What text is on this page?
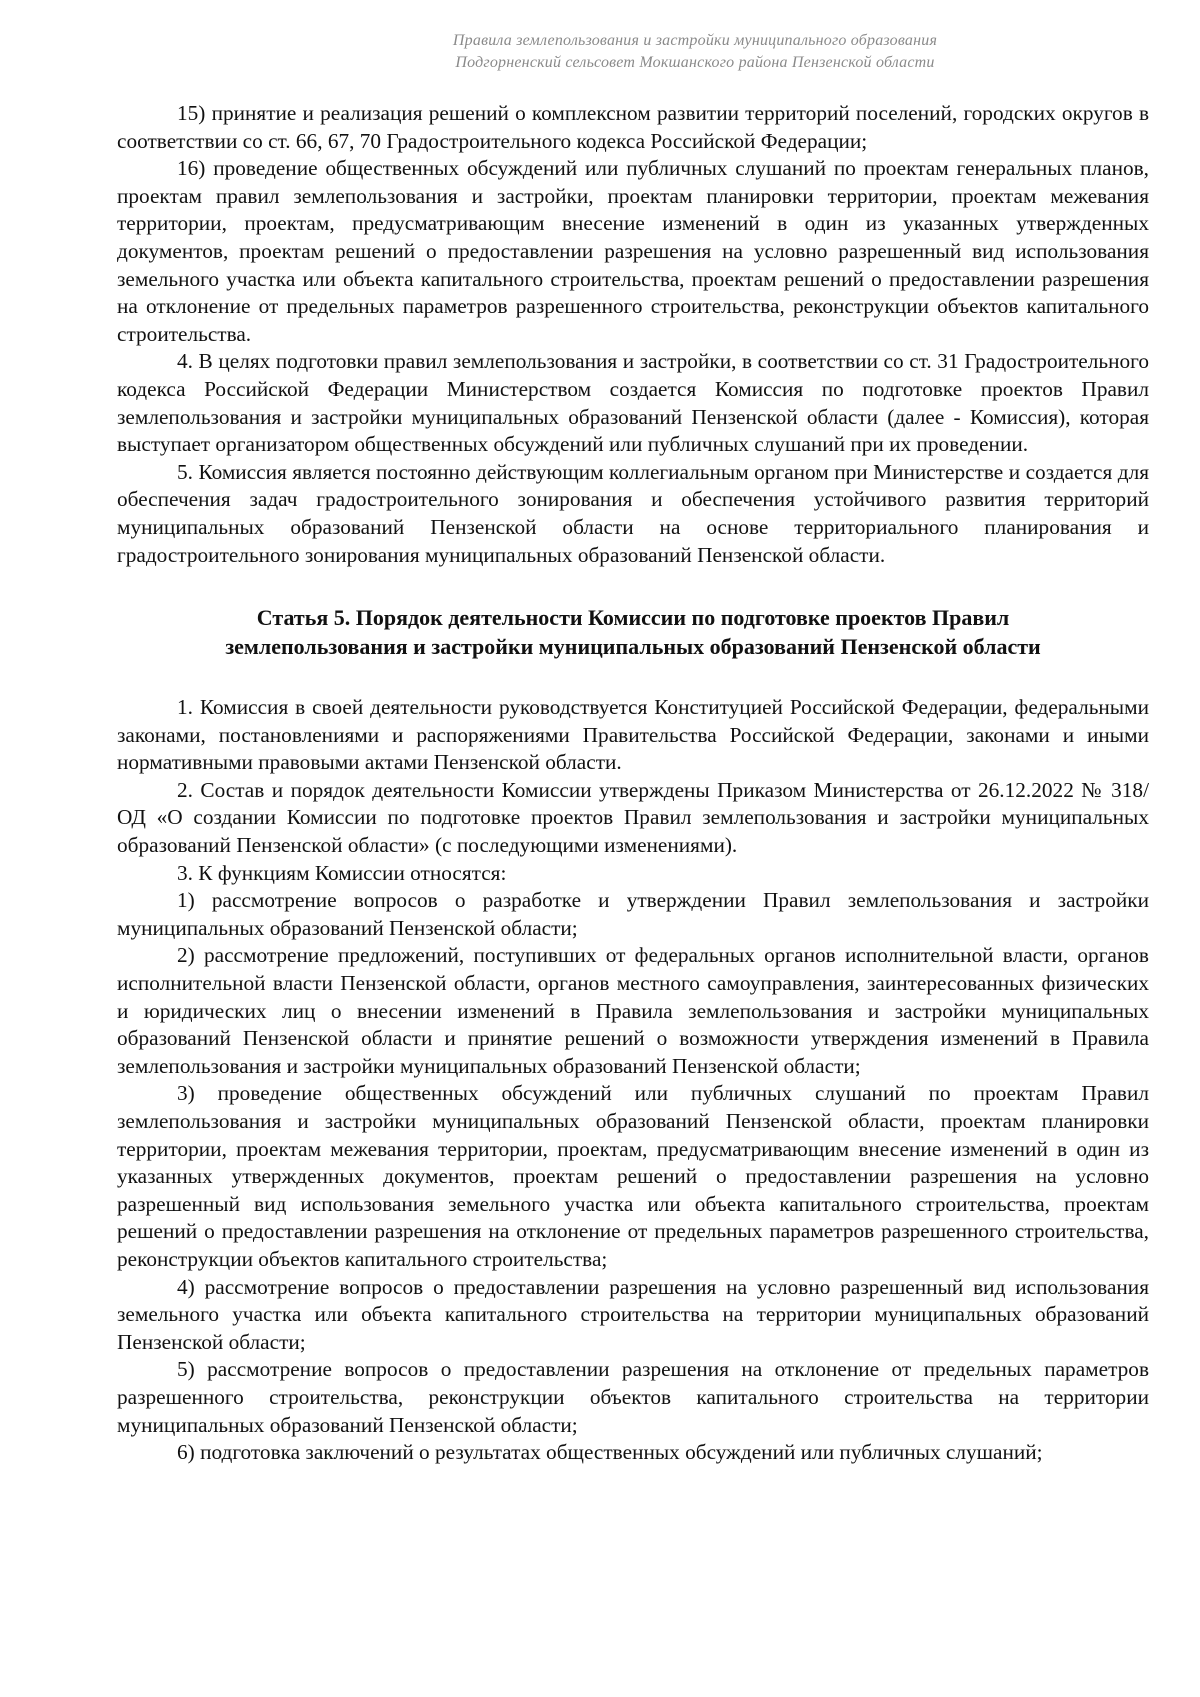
Правила землепользования и застройки муниципального образования
Подгорненский сельсовет Мокшанского района Пензенской области

15) принятие и реализация решений о комплексном развитии территорий поселений, городских округов в соответствии со ст. 66, 67, 70 Градостроительного кодекса Российской Федерации;

16) проведение общественных обсуждений или публичных слушаний по проектам генеральных планов, проектам правил землепользования и застройки, проектам планировки территории, проектам межевания территории, проектам, предусматривающим внесение изменений в один из указанных утвержденных документов, проектам решений о предоставлении разрешения на условно разрешенный вид использования земельного участка или объекта капитального строительства, проектам решений о предоставлении разрешения на отклонение от предельных параметров разрешенного строительства, реконструкции объектов капитального строительства.

4. В целях подготовки правил землепользования и застройки, в соответствии со ст. 31 Градостроительного кодекса Российской Федерации Министерством создается Комиссия по подготовке проектов Правил землепользования и застройки муниципальных образований Пензенской области (далее - Комиссия), которая выступает организатором общественных обсуждений или публичных слушаний при их проведении.

5. Комиссия является постоянно действующим коллегиальным органом при Министерстве и создается для обеспечения задач градостроительного зонирования и обеспечения устойчивого развития территорий муниципальных образований Пензенской области на основе территориального планирования и градостроительного зонирования муниципальных образований Пензенской области.

Статья 5. Порядок деятельности Комиссии по подготовке проектов Правил
землепользования и застройки муниципальных образований Пензенской области

1. Комиссия в своей деятельности руководствуется Конституцией Российской Федерации, федеральными законами, постановлениями и распоряжениями Правительства Российской Федерации, законами и иными нормативными правовыми актами Пензенской области.

2. Состав и порядок деятельности Комиссии утверждены Приказом Министерства от 26.12.2022 № 318/ОД «О создании Комиссии по подготовке проектов Правил землепользования и застройки муниципальных образований Пензенской области» (с последующими изменениями).

3. К функциям Комиссии относятся:

1) рассмотрение вопросов о разработке и утверждении Правил землепользования и застройки муниципальных образований Пензенской области;

2) рассмотрение предложений, поступивших от федеральных органов исполнительной власти, органов исполнительной власти Пензенской области, органов местного самоуправления, заинтересованных физических и юридических лиц о внесении изменений в Правила землепользования и застройки муниципальных образований Пензенской области и принятие решений о возможности утверждения изменений в Правила землепользования и застройки муниципальных образований Пензенской области;

3) проведение общественных обсуждений или публичных слушаний по проектам Правил землепользования и застройки муниципальных образований Пензенской области, проектам планировки территории, проектам межевания территории, проектам, предусматривающим внесение изменений в один из указанных утвержденных документов, проектам решений о предоставлении разрешения на условно разрешенный вид использования земельного участка или объекта капитального строительства, проектам решений о предоставлении разрешения на отклонение от предельных параметров разрешенного строительства, реконструкции объектов капитального строительства;

4) рассмотрение вопросов о предоставлении разрешения на условно разрешенный вид использования земельного участка или объекта капитального строительства на территории муниципальных образований Пензенской области;

5) рассмотрение вопросов о предоставлении разрешения на отклонение от предельных параметров разрешенного строительства, реконструкции объектов капитального строительства на территории муниципальных образований Пензенской области;

6) подготовка заключений о результатах общественных обсуждений или публичных слушаний;
